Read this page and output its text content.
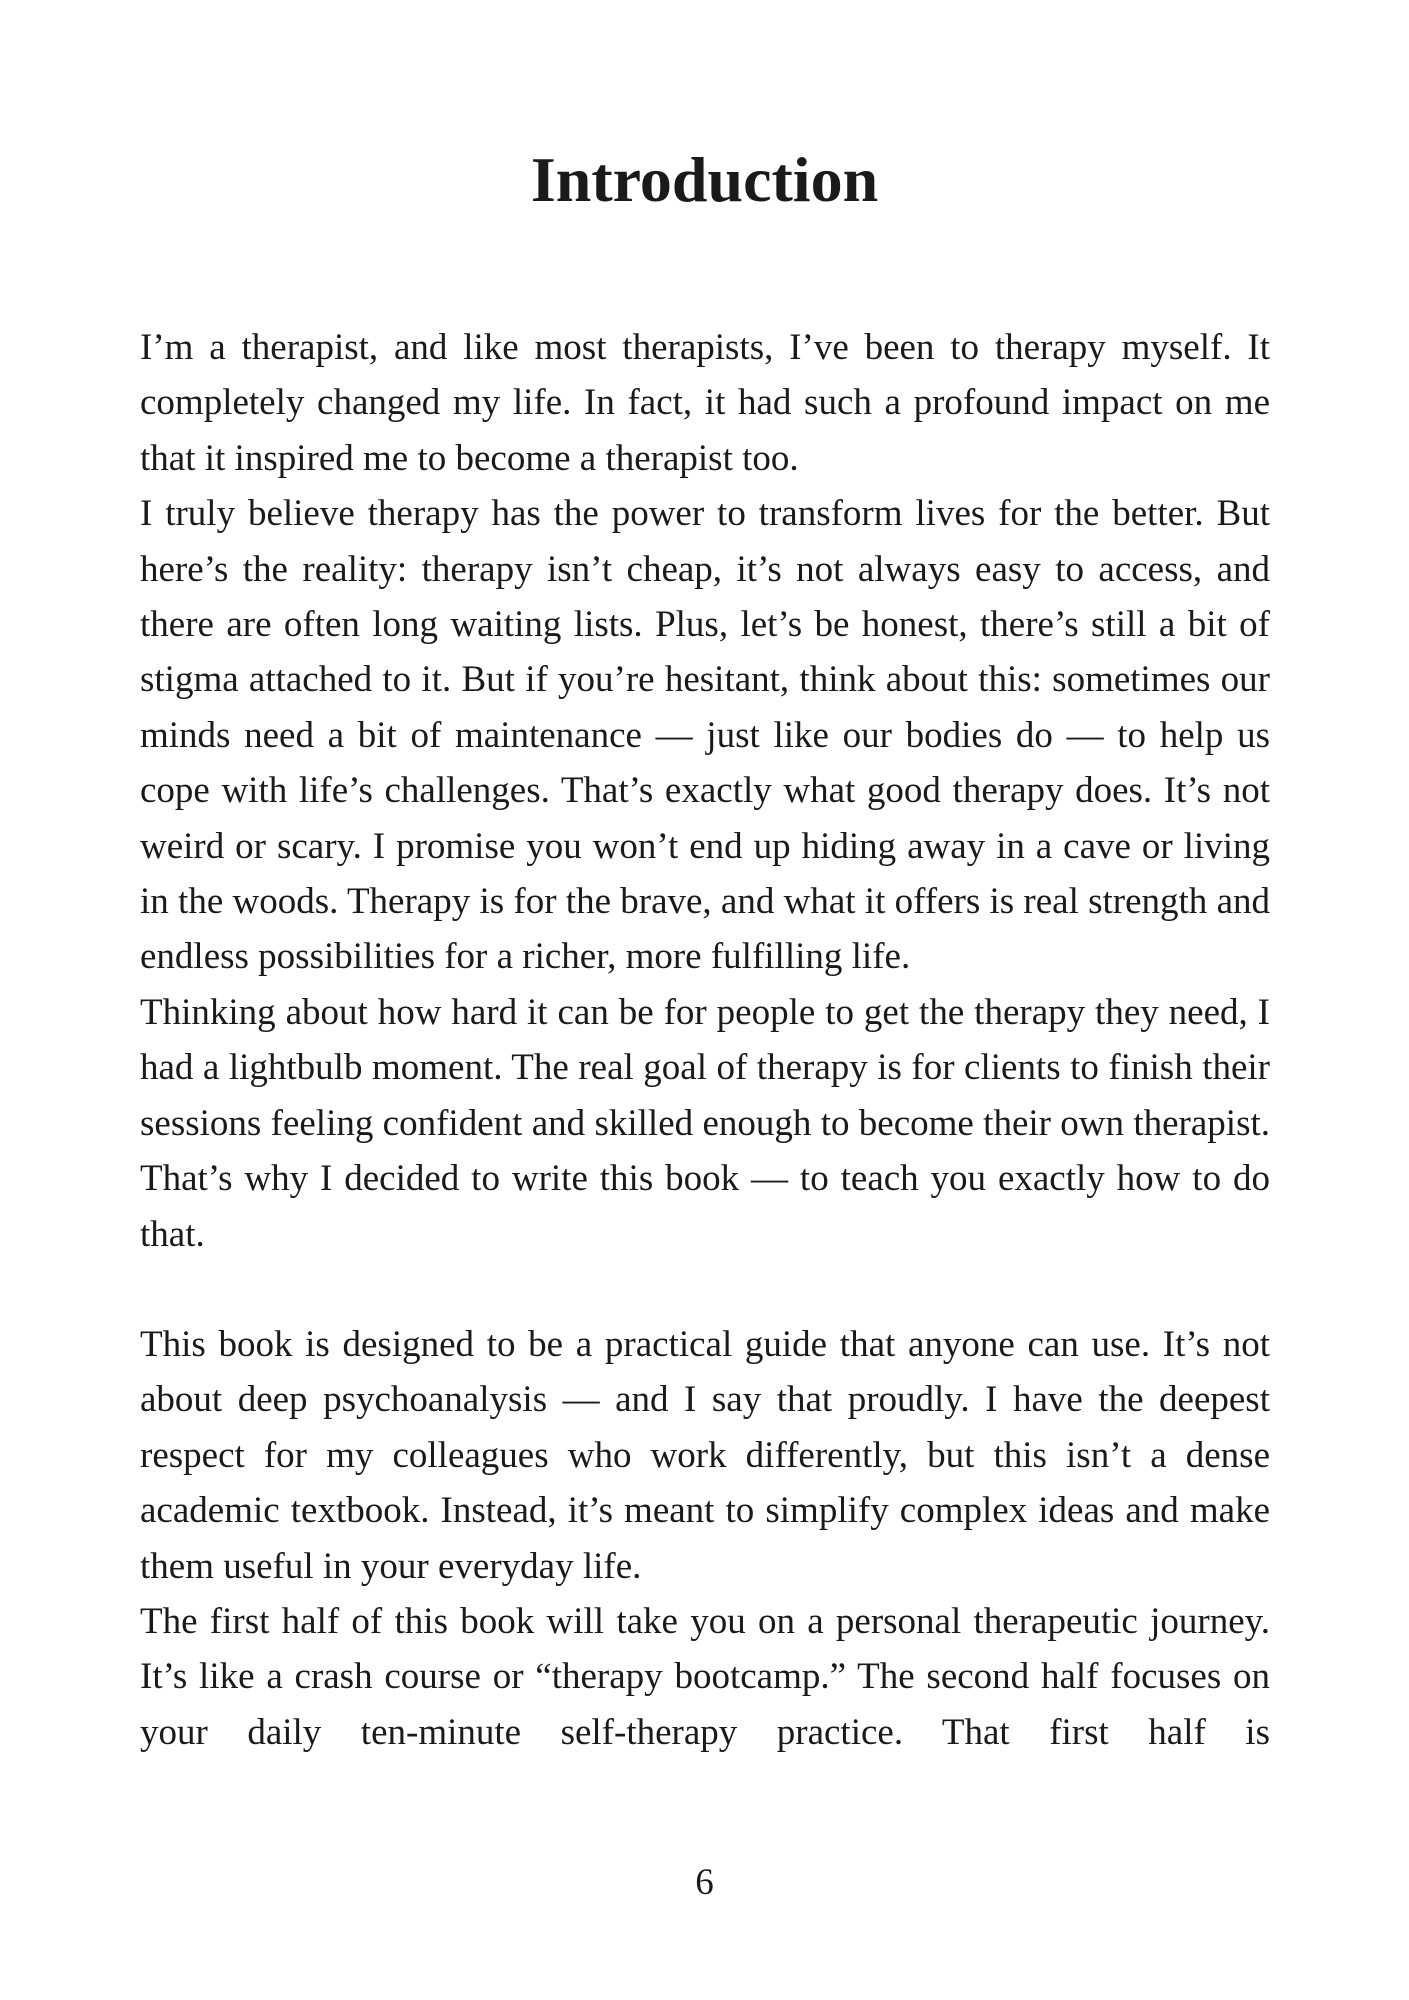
Introduction

I’m a therapist, and like most therapists, I’ve been to therapy myself. It completely changed my life. In fact, it had such a profound impact on me that it inspired me to become a therapist too.

I truly believe therapy has the power to transform lives for the better. But here’s the reality: therapy isn’t cheap, it’s not always easy to access, and there are often long waiting lists. Plus, let’s be honest, there’s still a bit of stigma attached to it. But if you’re hesitant, think about this: sometimes our minds need a bit of maintenance — just like our bodies do — to help us cope with life’s challenges. That’s exactly what good therapy does. It’s not weird or scary. I promise you won’t end up hiding away in a cave or living in the woods. Therapy is for the brave, and what it offers is real strength and endless possibilities for a richer, more fulfilling life.

Thinking about how hard it can be for people to get the therapy they need, I had a lightbulb moment. The real goal of therapy is for clients to finish their sessions feeling confident and skilled enough to become their own therapist. That’s why I decided to write this book — to teach you exactly how to do that.

This book is designed to be a practical guide that anyone can use. It’s not about deep psychoanalysis — and I say that proudly. I have the deepest respect for my colleagues who work differently, but this isn’t a dense academic textbook. Instead, it’s meant to simplify complex ideas and make them useful in your everyday life.

The first half of this book will take you on a personal therapeutic journey. It’s like a crash course or “therapy bootcamp.” The second half focuses on your daily ten-minute self-therapy practice. That first half is

6
